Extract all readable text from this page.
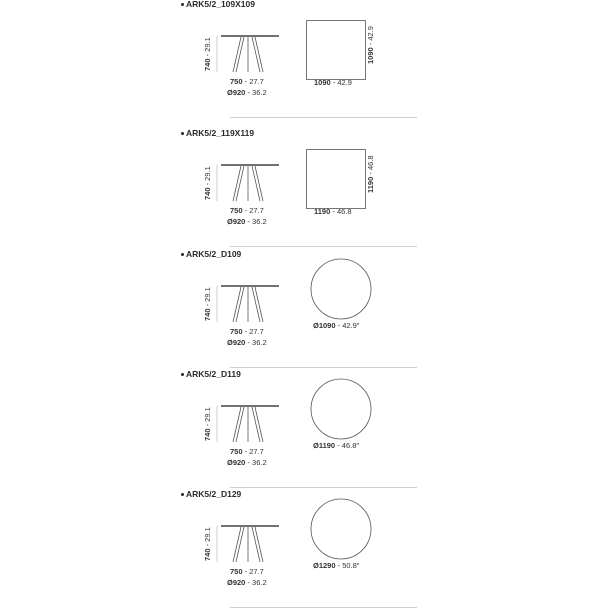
ARK5/2_109X109
740 - 29.1
750 - 27.7
Ø920 - 36.2
1090 - 42.9
1090 - 42.9
ARK5/2_119X119
740 - 29.1
750 - 27.7
Ø920 - 36.2
1190 - 46.8
1190 - 46.8
ARK5/2_D109
740 - 29.1
750 - 27.7
Ø920 - 36.2
Ø1090 - 42.9"
ARK5/2_D119
740 - 29.1
750 - 27.7
Ø920 - 36.2
Ø1190 - 46.8"
ARK5/2_D129
740 - 29.1
750 - 27.7
Ø920 - 36.2
Ø1290 - 50.8"
